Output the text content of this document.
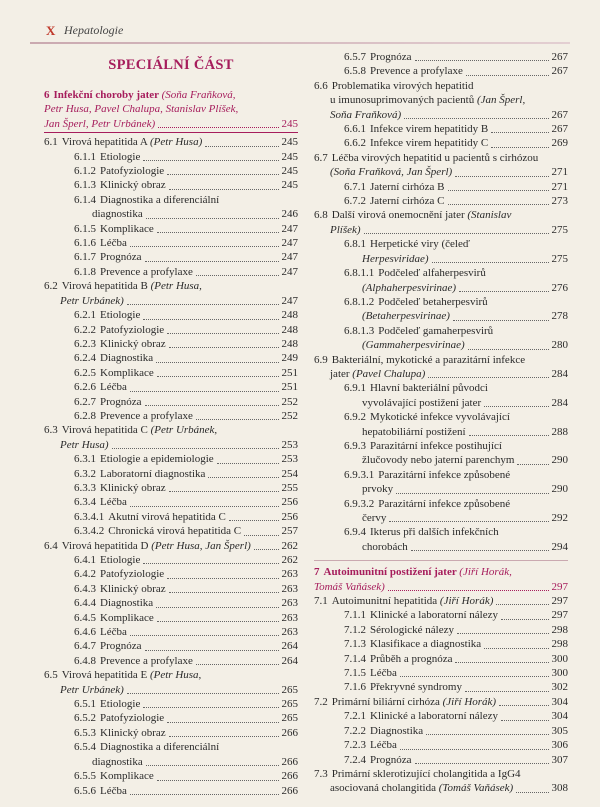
X Hepatologie
SPECIÁLNÍ ČÁST
6 Infekční choroby jater (Soňa Fraňková,
Petr Husa, Pavel Chalupa, Stanislav Plíšek,
Jan Šperl, Petr Urbánek)	245
6.1 Virová hepatitida A (Petr Husa)	245
6.1.1 Etiologie	245
6.1.2 Patofyziologie	245
6.1.3 Klinický obraz	245
6.1.4 Diagnostika a diferenciální
diagnostika	246
6.1.5 Komplikace	247
6.1.6 Léčba	247
6.1.7 Prognóza	247
6.1.8 Prevence a profylaxe	247
6.2 Virová hepatitida B (Petr Husa,
Petr Urbánek)	247
6.2.1 Etiologie	248
6.2.2 Patofyziologie	248
6.2.3 Klinický obraz	248
6.2.4 Diagnostika	249
6.2.5 Komplikace	251
6.2.6 Léčba	251
6.2.7 Prognóza	252
6.2.8 Prevence a profylaxe	252
6.3 Virová hepatitida C (Petr Urbánek,
Petr Husa)	253
6.3.1 Etiologie a epidemiologie	253
6.3.2 Laboratorní diagnostika	254
6.3.3 Klinický obraz	255
6.3.4 Léčba	256
6.3.4.1 Akutní virová hepatitida C	256
6.3.4.2 Chronická virová hepatitida C	257
6.4 Virová hepatitida D (Petr Husa, Jan Šperl)	262
6.4.1 Etiologie	262
6.4.2 Patofyziologie	263
6.4.3 Klinický obraz	263
6.4.4 Diagnostika	263
6.4.5 Komplikace	263
6.4.6 Léčba	263
6.4.7 Prognóza	264
6.4.8 Prevence a profylaxe	264
6.5 Virová hepatitida E (Petr Husa,
Petr Urbánek)	265
6.5.1 Etiologie	265
6.5.2 Patofyziologie	265
6.5.3 Klinický obraz	266
6.5.4 Diagnostika a diferenciální
diagnostika	266
6.5.5 Komplikace	266
6.5.6 Léčba	266
6.5.7 Prognóza	267
6.5.8 Prevence a profylaxe	267
6.6 Problematika virových hepatitid
u imunosuprimovaných pacientů (Jan Šperl,
Soňa Fraňková)	267
6.6.1 Infekce virem hepatitidy B	267
6.6.2 Infekce virem hepatitidy C	269
6.7 Léčba virových hepatitid u pacientů s cirhózou
(Soňa Fraňková, Jan Šperl)	271
6.7.1 Jaterní cirhóza B	271
6.7.2 Jaterní cirhóza C	273
6.8 Další virová onemocnění jater (Stanislav
Plíšek)	275
6.8.1 Herpetické viry (čeleď
Herpesviridae)	275
6.8.1.1 Podčeleď alfaherpesvirů
(Alphaherpesvirinae)	276
6.8.1.2 Podčeleď betaherpesvirů
(Betaherpesvirinae)	278
6.8.1.3 Podčeleď gamaherpesvirů
(Gammaherpesvirinae)	280
6.9 Bakteriální, mykotické a parazitární infekce
jater (Pavel Chalupa)	284
6.9.1 Hlavní bakteriální původci
vyvolávající postižení jater	284
6.9.2 Mykotické infekce vyvolávající
hepatobiliární postižení	288
6.9.3 Parazitární infekce postihující
žlučovody nebo jaterní parenchym	290
6.9.3.1 Parazitární infekce způsobené
prvoky	290
6.9.3.2 Parazitární infekce způsobené
červy	292
6.9.4 Ikterus při dalších infekčních
chorobách	294
7 Autoimunitní postižení jater (Jiří Horák,
Tomáš Vaňásek)	297
7.1 Autoimunitní hepatitida (Jiří Horák)	297
7.1.1 Klinické a laboratorní nálezy	297
7.1.2 Sérologické nálezy	298
7.1.3 Klasifikace a diagnostika	298
7.1.4 Průběh a prognóza	300
7.1.5 Léčba	300
7.1.6 Překryvné syndromy	302
7.2 Primární biliární cirhóza (Jiří Horák)	304
7.2.1 Klinické a laboratorní nálezy	304
7.2.2 Diagnostika	305
7.2.3 Léčba	306
7.2.4 Prognóza	307
7.3 Primární sklerotizující cholangitida a IgG4
asociovaná cholangitida (Tomáš Vaňásek)	308
